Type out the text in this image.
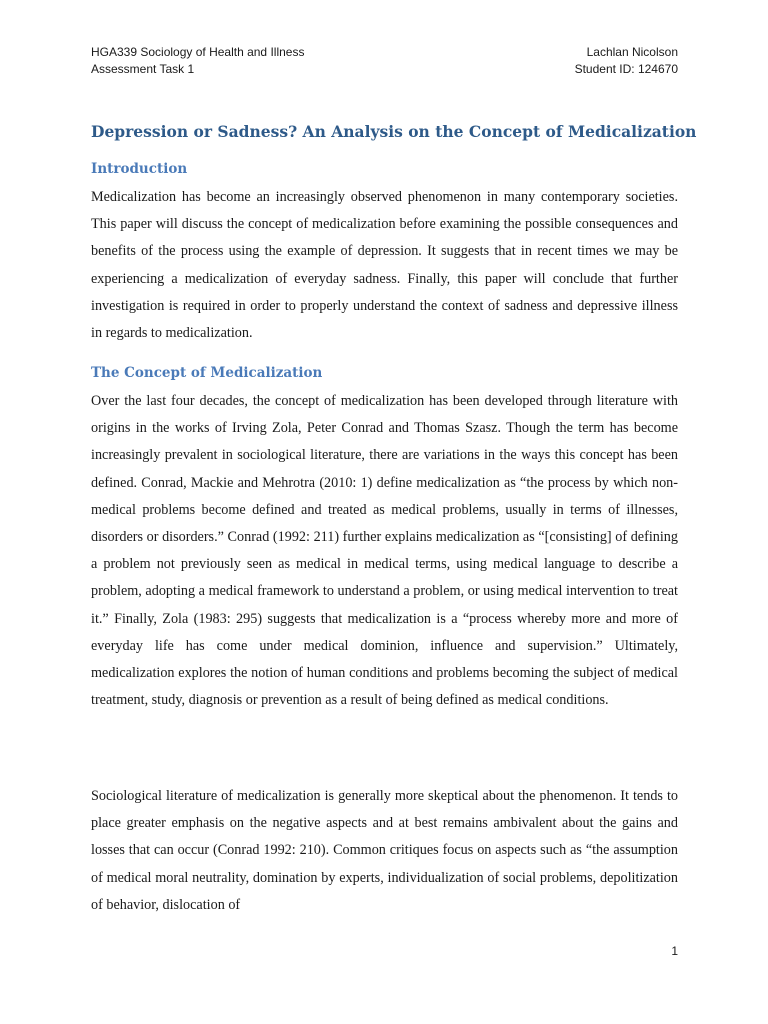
HGA339 Sociology of Health and Illness	Lachlan Nicolson
Assessment Task 1	Student ID: 124670
Depression or Sadness? An Analysis on the Concept of Medicalization
Introduction

Medicalization has become an increasingly observed phenomenon in many contemporary societies. This paper will discuss the concept of medicalization before examining the possible consequences and benefits of the process using the example of depression. It suggests that in recent times we may be experiencing a medicalization of everyday sadness. Finally, this paper will conclude that further investigation is required in order to properly understand the context of sadness and depressive illness in regards to medicalization.

The Concept of Medicalization

Over the last four decades, the concept of medicalization has been developed through literature with origins in the works of Irving Zola, Peter Conrad and Thomas Szasz. Though the term has become increasingly prevalent in sociological literature, there are variations in the ways this concept has been defined. Conrad, Mackie and Mehrotra (2010: 1) define medicalization as “the process by which non-medical problems become defined and treated as medical problems, usually in terms of illnesses, disorders or disorders.” Conrad (1992: 211) further explains medicalization as “[consisting] of defining a problem not previously seen as medical in medical terms, using medical language to describe a problem, adopting a medical framework to understand a problem, or using medical intervention to treat it.” Finally, Zola (1983: 295) suggests that medicalization is a “process whereby more and more of everyday life has come under medical dominion, influence and supervision.” Ultimately, medicalization explores the notion of human conditions and problems becoming the subject of medical treatment, study, diagnosis or prevention as a result of being defined as medical conditions.

Sociological literature of medicalization is generally more skeptical about the phenomenon. It tends to place greater emphasis on the negative aspects and at best remains ambivalent about the gains and losses that can occur (Conrad 1992: 210). Common critiques focus on aspects such as “the assumption of medical moral neutrality, domination by experts, individualization of social problems, depolitization of behavior, dislocation of

1
